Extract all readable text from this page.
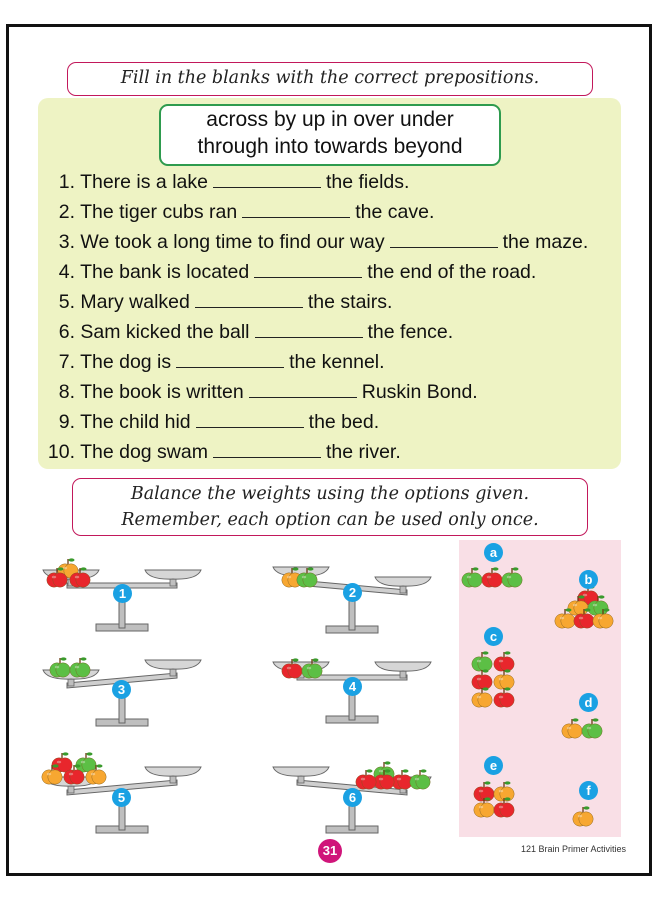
Fill in the blanks with the correct prepositions.
across by up in over under
through into towards beyond
1. There is a lake	the fields.
2. The tiger cubs ran	the cave.
3. We took a long time to find our way	the maze.
4. The bank is located	the end of the road.
5. Mary walked	the stairs.
6. Sam kicked the ball	the fence.
7. The dog is	the kennel.
8. The book is written	Ruskin Bond.
9. The child hid	the bed.
10. The dog swam	the river.
Balance the weights using the options given.
Remember, each option can be used only once.
1	2
3	4
5	6
a
b
c
d
e
f
31	121 Brain Primer Activities
